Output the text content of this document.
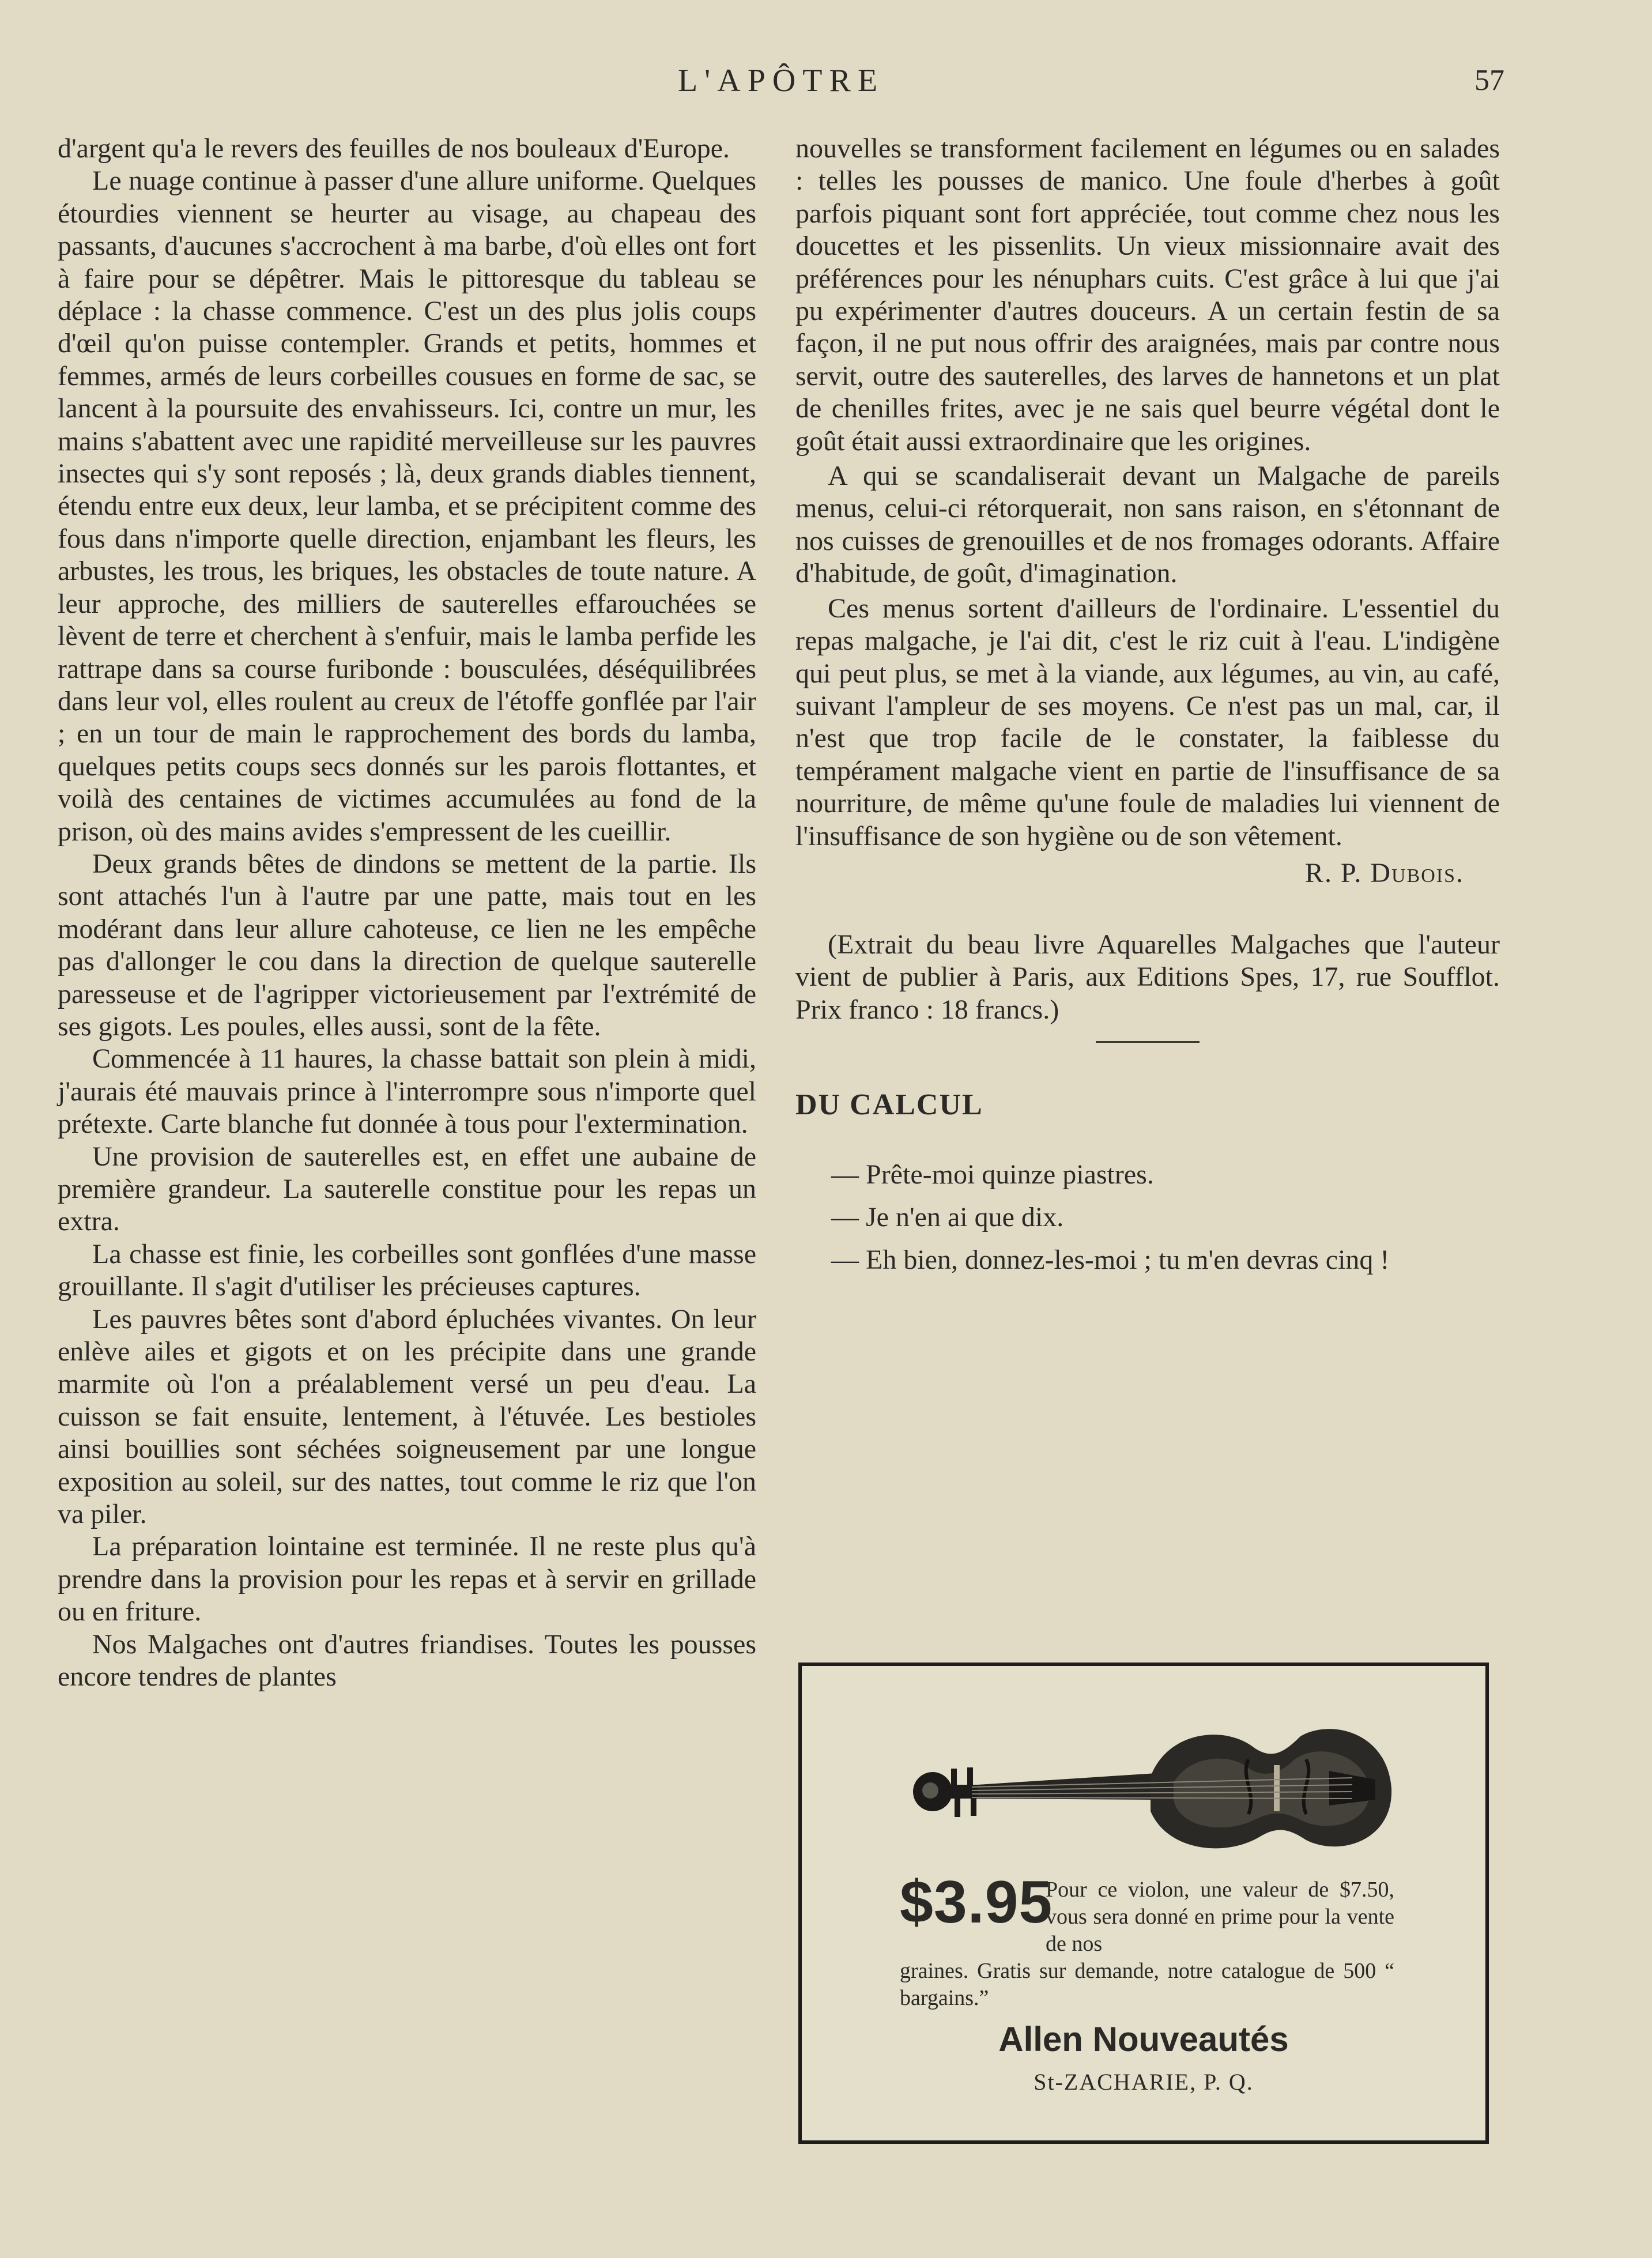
L'APÔTRE	57

d'argent qu'a le revers des feuilles de nos bouleaux d'Europe.

Le nuage continue à passer d'une allure uniforme. Quelques étourdies viennent se heurter au visage, au chapeau des passants, d'aucunes s'accrochent à ma barbe, d'où elles ont fort à faire pour se dépêtrer. Mais le pittoresque du tableau se déplace : la chasse commence. C'est un des plus jolis coups d'œil qu'on puisse contempler. Grands et petits, hommes et femmes, armés de leurs corbeilles cousues en forme de sac, se lancent à la poursuite des envahisseurs. Ici, contre un mur, les mains s'abattent avec une rapidité merveilleuse sur les pauvres insectes qui s'y sont reposés ; là, deux grands diables tiennent, étendu entre eux deux, leur lamba, et se précipitent comme des fous dans n'importe quelle direction, enjambant les fleurs, les arbustes, les trous, les briques, les obstacles de toute nature. A leur approche, des milliers de sauterelles effarouchées se lèvent de terre et cherchent à s'enfuir, mais le lamba perfide les rattrape dans sa course furibonde : bousculées, déséquilibrées dans leur vol, elles roulent au creux de l'étoffe gonflée par l'air ; en un tour de main le rapprochement des bords du lamba, quelques petits coups secs donnés sur les parois flottantes, et voilà des centaines de victimes accumulées au fond de la prison, où des mains avides s'empressent de les cueillir.

Deux grands bêtes de dindons se mettent de la partie. Ils sont attachés l'un à l'autre par une patte, mais tout en les modérant dans leur allure cahoteuse, ce lien ne les empêche pas d'allonger le cou dans la direction de quelque sauterelle paresseuse et de l'agripper victorieusement par l'extrémité de ses gigots. Les poules, elles aussi, sont de la fête.

Commencée à 11 haures, la chasse battait son plein à midi, j'aurais été mauvais prince à l'interrompre sous n'importe quel prétexte. Carte blanche fut donnée à tous pour l'extermination.

Une provision de sauterelles est, en effet une aubaine de première grandeur. La sauterelle constitue pour les repas un extra.

La chasse est finie, les corbeilles sont gonflées d'une masse grouillante. Il s'agit d'utiliser les précieuses captures.

Les pauvres bêtes sont d'abord épluchées vivantes. On leur enlève ailes et gigots et on les précipite dans une grande marmite où l'on a préalablement versé un peu d'eau. La cuisson se fait ensuite, lentement, à l'étuvée. Les bestioles ainsi bouillies sont séchées soigneusement par une longue exposition au soleil, sur des nattes, tout comme le riz que l'on va piler.

La préparation lointaine est terminée. Il ne reste plus qu'à prendre dans la provision pour les repas et à servir en grillade ou en friture.

Nos Malgaches ont d'autres friandises. Toutes les pousses encore tendres de plantes

nouvelles se transforment facilement en légumes ou en salades : telles les pousses de manico. Une foule d'herbes à goût parfois piquant sont fort appréciée, tout comme chez nous les doucettes et les pissenlits. Un vieux missionnaire avait des préférences pour les nénuphars cuits. C'est grâce à lui que j'ai pu expérimenter d'autres douceurs. A un certain festin de sa façon, il ne put nous offrir des araignées, mais par contre nous servit, outre des sauterelles, des larves de hannetons et un plat de chenilles frites, avec je ne sais quel beurre végétal dont le goût était aussi extraordinaire que les origines.

A qui se scandaliserait devant un Malgache de pareils menus, celui-ci rétorquerait, non sans raison, en s'étonnant de nos cuisses de grenouilles et de nos fromages odorants. Affaire d'habitude, de goût, d'imagination.

Ces menus sortent d'ailleurs de l'ordinaire. L'essentiel du repas malgache, je l'ai dit, c'est le riz cuit à l'eau. L'indigène qui peut plus, se met à la viande, aux légumes, au vin, au café, suivant l'ampleur de ses moyens. Ce n'est pas un mal, car, il n'est que trop facile de le constater, la faiblesse du tempérament malgache vient en partie de l'insuffisance de sa nourriture, de même qu'une foule de maladies lui viennent de l'insuffisance de son hygiène ou de son vêtement.

R. P. Dubois.

(Extrait du beau livre Aquarelles Malgaches que l'auteur vient de publier à Paris, aux Editions Spes, 17, rue Soufflot. Prix franco : 18 francs.)

DU CALCUL

— Prête-moi quinze piastres.

— Je n'en ai que dix.

— Eh bien, donnez-les-moi ; tu m'en devras cinq !

$3.95

Pour ce violon, une valeur de $7.50, vous sera donné en prime pour la vente de nos

graines. Gratis sur demande, notre catalogue de 500 “ bargains.”

Allen Nouveautés
St-ZACHARIE, P. Q.
